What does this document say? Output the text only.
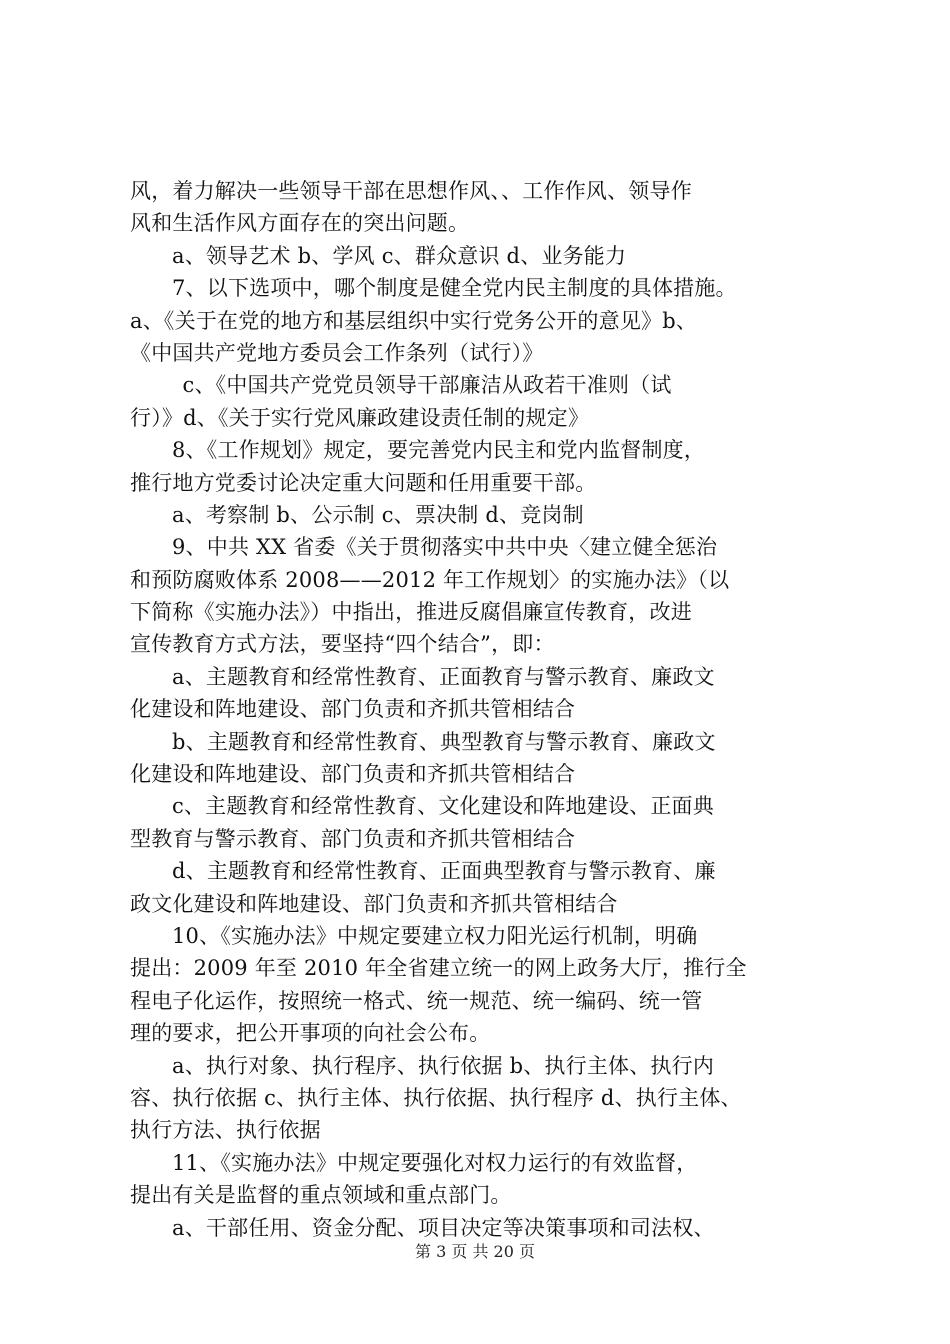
风，着力解决一些领导干部在思想作风、、工作作风、领导作
风和生活作风方面存在的突出问题。
a、领导艺术 b、学风 c、群众意识 d、业务能力
7、以下选项中，哪个制度是健全党内民主制度的具体措施。
a、《关于在党的地方和基层组织中实行党务公开的意见》b、
《中国共产党地方委员会工作条列（试行）》
c、《中国共产党党员领导干部廉洁从政若干准则（试
行）》d、《关于实行党风廉政建设责任制的规定》
8、《工作规划》规定，要完善党内民主和党内监督制度，
推行地方党委讨论决定重大问题和任用重要干部。
a、考察制 b、公示制 c、票决制 d、竞岗制
9、中共 XX 省委《关于贯彻落实中共中央〈建立健全惩治
和预防腐败体系 2008——2012 年工作规划〉的实施办法》（以
下简称《实施办法》）中指出，推进反腐倡廉宣传教育，改进
宣传教育方式方法，要坚持“四个结合”，即：
a、主题教育和经常性教育、正面教育与警示教育、廉政文
化建设和阵地建设、部门负责和齐抓共管相结合
b、主题教育和经常性教育、典型教育与警示教育、廉政文
化建设和阵地建设、部门负责和齐抓共管相结合
c、主题教育和经常性教育、文化建设和阵地建设、正面典
型教育与警示教育、部门负责和齐抓共管相结合
d、主题教育和经常性教育、正面典型教育与警示教育、廉
政文化建设和阵地建设、部门负责和齐抓共管相结合
10、《实施办法》中规定要建立权力阳光运行机制，明确
提出：2009 年至 2010 年全省建立统一的网上政务大厅，推行全
程电子化运作，按照统一格式、统一规范、统一编码、统一管
理的要求，把公开事项的向社会公布。
a、执行对象、执行程序、执行依据 b、执行主体、执行内
容、执行依据 c、执行主体、执行依据、执行程序 d、执行主体、
执行方法、执行依据
11、《实施办法》中规定要强化对权力运行的有效监督，
提出有关是监督的重点领域和重点部门。
a、干部任用、资金分配、项目决定等决策事项和司法权、
第 3 页 共 20 页
